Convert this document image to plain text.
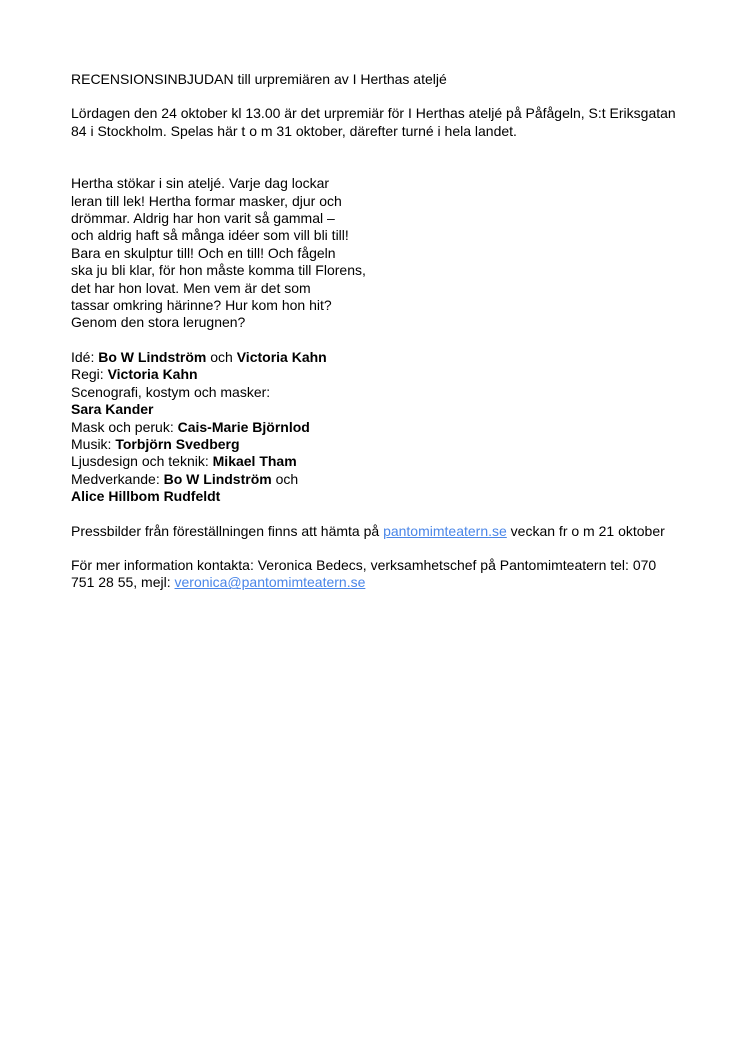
RECENSIONSINBJUDAN till urpremiären av I Herthas ateljé

Lördagen den 24 oktober kl 13.00 är det urpremiär för I Herthas ateljé på Påfågeln, S:t Eriksgatan 84 i Stockholm. Spelas här t o m 31 oktober, därefter turné i hela landet.

Hertha stökar i sin ateljé. Varje dag lockar
leran till lek! Hertha formar masker, djur och
drömmar. Aldrig har hon varit så gammal –
och aldrig haft så många idéer som vill bli till!
Bara en skulptur till! Och en till! Och fågeln
ska ju bli klar, för hon måste komma till Florens,
det har hon lovat. Men vem är det som
tassar omkring härinne? Hur kom hon hit?
Genom den stora lerugnen?
Idé: Bo W Lindström och Victoria Kahn
Regi: Victoria Kahn
Scenografi, kostym och masker:
Sara Kander
Mask och peruk: Cais-Marie Björnlod
Musik: Torbjörn Svedberg
Ljusdesign och teknik: Mikael Tham
Medverkande: Bo W Lindström och
Alice Hillbom Rudfeldt

Pressbilder från föreställningen finns att hämta på pantomimteatern.se veckan fr o m 21 oktober

För mer information kontakta: Veronica Bedecs, verksamhetschef på Pantomimteatern tel: 070 751 28 55, mejl: veronica@pantomimteatern.se
